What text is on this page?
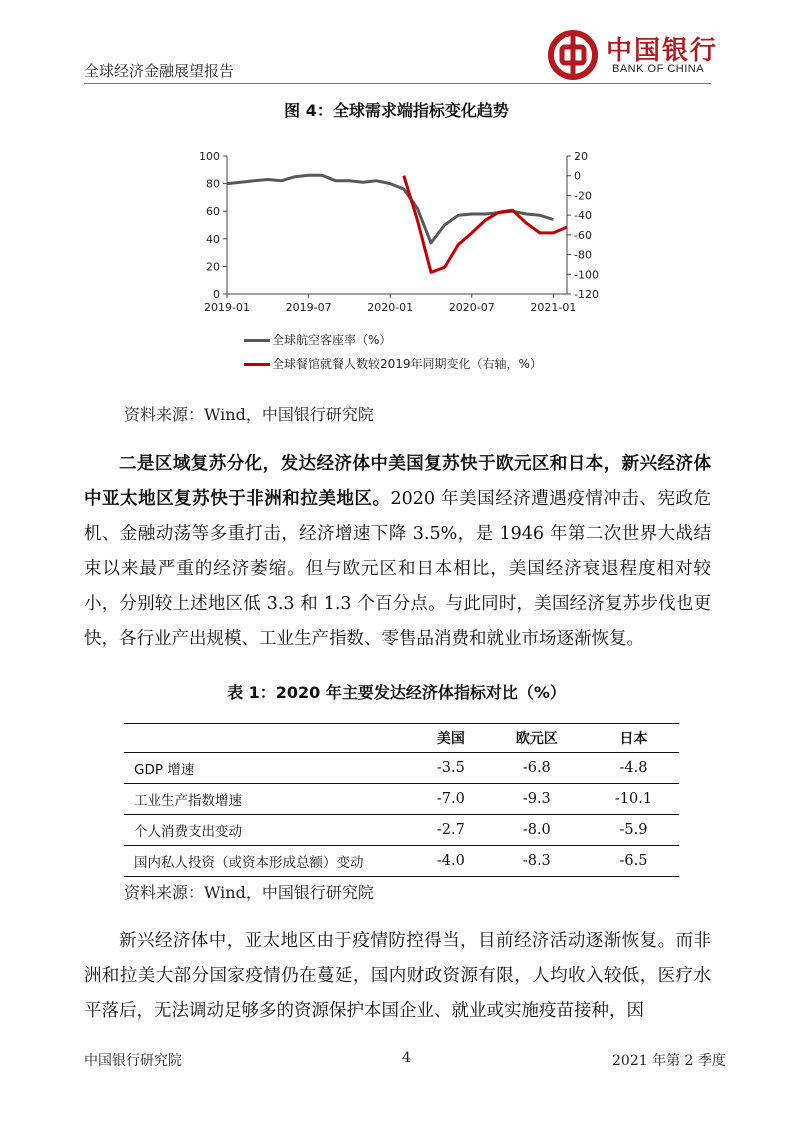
全球经济金融展望报告
中国银行
BANK OF CHINA
图 4：全球需求端指标变化趋势
0
20
40
60
80
100	20
0
-20
-40
-60
-80
-100
-120
2019-01	2019-07	2020-01	2020-07	2021-01
全球航空客座率（%）
全球餐馆就餐人数较2019年同期变化（右轴，%）
资料来源：Wind，中国银行研究院
二是区域复苏分化，发达经济体中美国复苏快于欧元区和日本，新兴经济体中亚太地区复苏快于非洲和拉美地区。2020 年美国经济遭遇疫情冲击、宪政危机、金融动荡等多重打击，经济增速下降 3.5%，是 1946 年第二次世界大战结束以来最严重的经济萎缩。但与欧元区和日本相比，美国经济衰退程度相对较小，分别较上述地区低 3.3 和 1.3 个百分点。与此同时，美国经济复苏步伐也更快，各行业产出规模、工业生产指数、零售品消费和就业市场逐渐恢复。
表 1：2020 年主要发达经济体指标对比（%）
	美国	欧元区	日本
GDP 增速	-3.5	-6.8	-4.8
工业生产指数增速	-7.0	-9.3	-10.1
个人消费支出变动	-2.7	-8.0	-5.9
国内私人投资（或资本形成总额）变动	-4.0	-8.3	-6.5
资料来源：Wind，中国银行研究院
新兴经济体中，亚太地区由于疫情防控得当，目前经济活动逐渐恢复。而非洲和拉美大部分国家疫情仍在蔓延，国内财政资源有限，人均收入较低，医疗水平落后，无法调动足够多的资源保护本国企业、就业或实施疫苗接种，因
中国银行研究院	4	2021 年第 2 季度
